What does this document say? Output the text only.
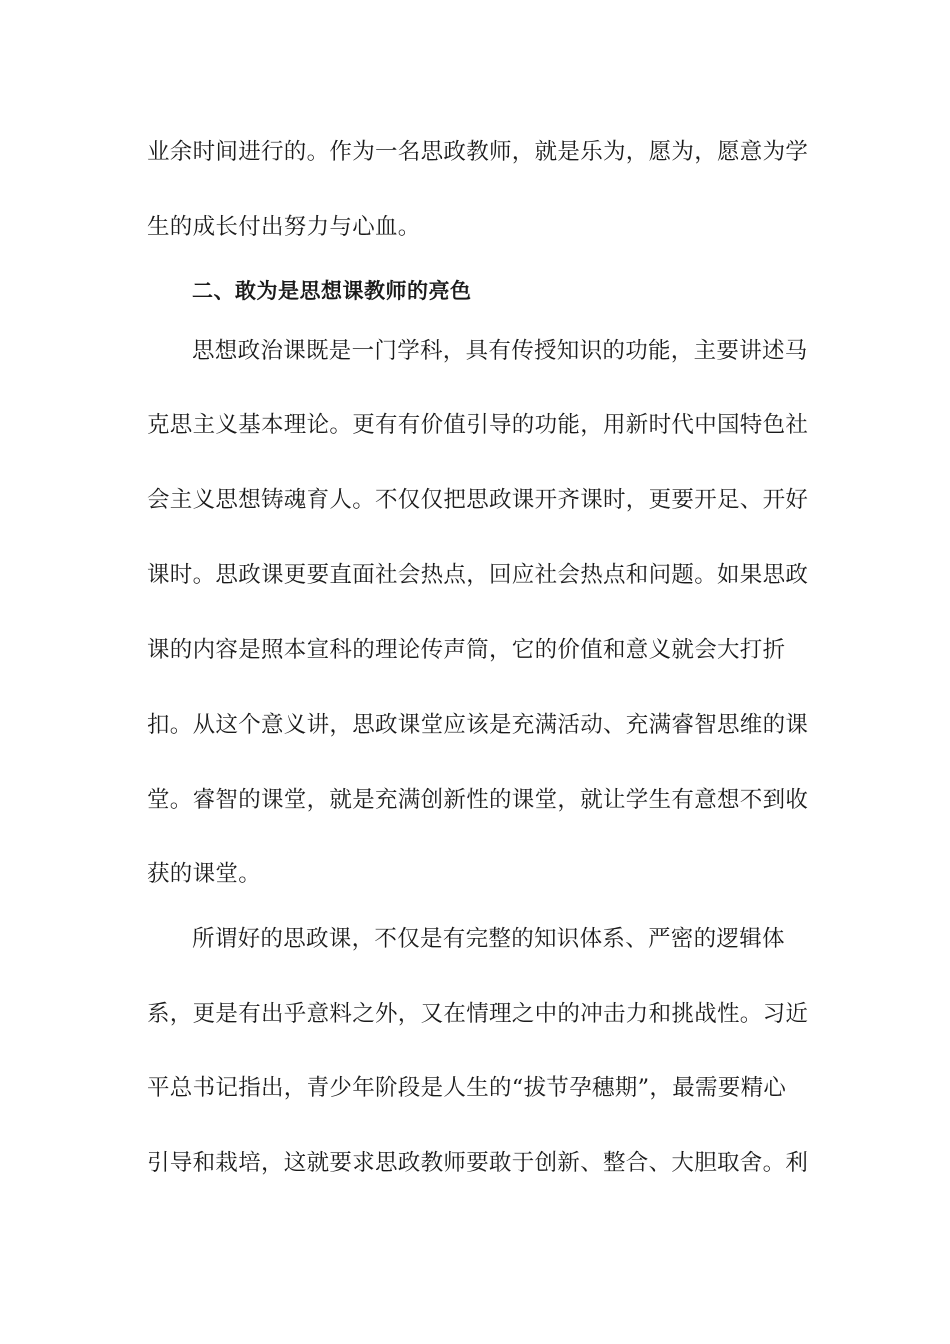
业余时间进行的。作为一名思政教师，就是乐为，愿为，愿意为学
生的成长付出努力与心血。
二、敢为是思想课教师的亮色
思想政治课既是一门学科，具有传授知识的功能，主要讲述马
克思主义基本理论。更有有价值引导的功能，用新时代中国特色社
会主义思想铸魂育人。不仅仅把思政课开齐课时，更要开足、开好
课时。思政课更要直面社会热点，回应社会热点和问题。如果思政
课的内容是照本宣科的理论传声筒，它的价值和意义就会大打折
扣。从这个意义讲，思政课堂应该是充满活动、充满睿智思维的课
堂。睿智的课堂，就是充满创新性的课堂，就让学生有意想不到收
获的课堂。
所谓好的思政课，不仅是有完整的知识体系、严密的逻辑体
系，更是有出乎意料之外，又在情理之中的冲击力和挑战性。习近
平总书记指出，青少年阶段是人生的“拔节孕穗期”，最需要精心
引导和栽培，这就要求思政教师要敢于创新、整合、大胆取舍。利
